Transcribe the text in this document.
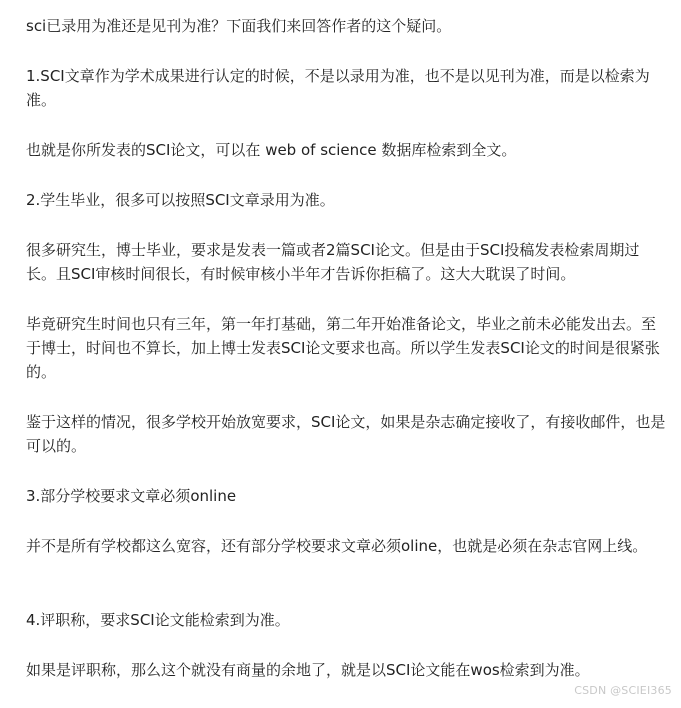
sci已录用为准还是见刊为准？下面我们来回答作者的这个疑问。

1.SCI文章作为学术成果进行认定的时候，不是以录用为准，也不是以见刊为准，而是以检索为准。

也就是你所发表的SCI论文，可以在 web of science 数据库检索到全文。

2.学生毕业，很多可以按照SCI文章录用为准。

很多研究生，博士毕业，要求是发表一篇或者2篇SCI论文。但是由于SCI投稿发表检索周期过长。且SCI审核时间很长，有时候审核小半年才告诉你拒稿了。这大大耽误了时间。

毕竟研究生时间也只有三年，第一年打基础，第二年开始准备论文，毕业之前未必能发出去。至于博士，时间也不算长，加上博士发表SCI论文要求也高。所以学生发表SCI论文的时间是很紧张的。

鉴于这样的情况，很多学校开始放宽要求，SCI论文，如果是杂志确定接收了，有接收邮件，也是可以的。

3.部分学校要求文章必须online

并不是所有学校都这么宽容，还有部分学校要求文章必须oline，也就是必须在杂志官网上线。

4.评职称，要求SCI论文能检索到为准。

如果是评职称，那么这个就没有商量的余地了，就是以SCI论文能在wos检索到为准。

CSDN @SCIEI365
